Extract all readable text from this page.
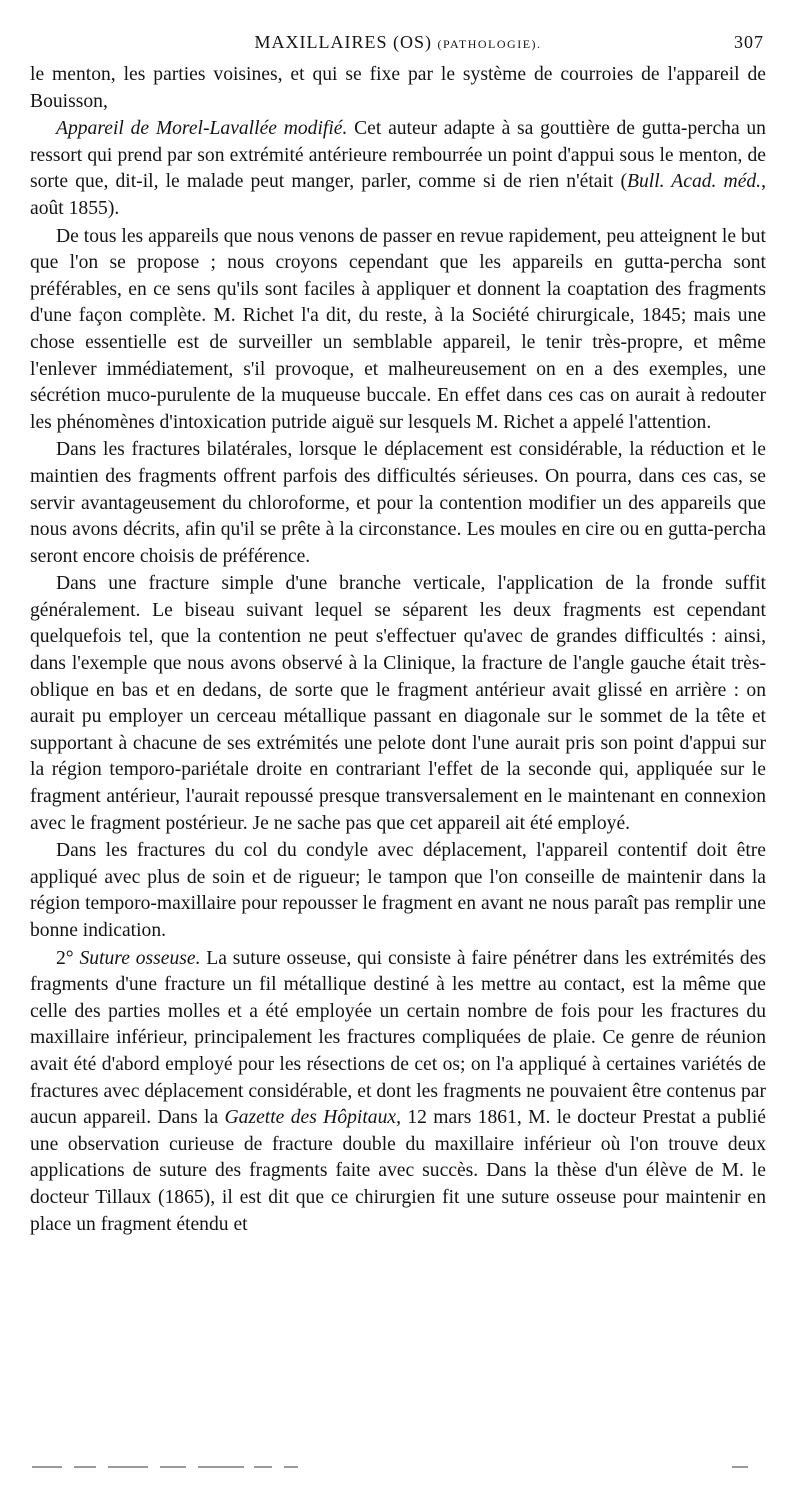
MAXILLAIRES (OS) (PATHOLOGIE).	307

le menton, les parties voisines, et qui se fixe par le système de courroies de l'appareil de Bouisson,

Appareil de Morel-Lavallée modifié. Cet auteur adapte à sa gouttière de gutta-percha un ressort qui prend par son extrémité antérieure rembourrée un point d'appui sous le menton, de sorte que, dit-il, le malade peut manger, parler, comme si de rien n'était (Bull. Acad. méd., août 1855).

De tous les appareils que nous venons de passer en revue rapidement, peu atteignent le but que l'on se propose ; nous croyons cependant que les appareils en gutta-percha sont préférables, en ce sens qu'ils sont faciles à appliquer et donnent la coaptation des fragments d'une façon complète. M. Richet l'a dit, du reste, à la Société chirurgicale, 1845; mais une chose essentielle est de surveiller un semblable appareil, le tenir très-propre, et même l'enlever immédiatement, s'il provoque, et malheureusement on en a des exemples, une sécrétion muco-purulente de la muqueuse buccale. En effet dans ces cas on aurait à redouter les phénomènes d'intoxication putride aiguë sur lesquels M. Richet a appelé l'attention.

Dans les fractures bilatérales, lorsque le déplacement est considérable, la réduction et le maintien des fragments offrent parfois des difficultés sérieuses. On pourra, dans ces cas, se servir avantageusement du chloroforme, et pour la contention modifier un des appareils que nous avons décrits, afin qu'il se prête à la circonstance. Les moules en cire ou en gutta-percha seront encore choisis de préférence.

Dans une fracture simple d'une branche verticale, l'application de la fronde suffit généralement. Le biseau suivant lequel se séparent les deux fragments est cependant quelquefois tel, que la contention ne peut s'effectuer qu'avec de grandes difficultés : ainsi, dans l'exemple que nous avons observé à la Clinique, la fracture de l'angle gauche était très-oblique en bas et en dedans, de sorte que le fragment antérieur avait glissé en arrière : on aurait pu employer un cerceau métallique passant en diagonale sur le sommet de la tête et supportant à chacune de ses extrémités une pelote dont l'une aurait pris son point d'appui sur la région temporo-pariétale droite en contrariant l'effet de la seconde qui, appliquée sur le fragment antérieur, l'aurait repoussé presque transversalement en le maintenant en connexion avec le fragment postérieur. Je ne sache pas que cet appareil ait été employé.

Dans les fractures du col du condyle avec déplacement, l'appareil contentif doit être appliqué avec plus de soin et de rigueur; le tampon que l'on conseille de maintenir dans la région temporo-maxillaire pour repousser le fragment en avant ne nous paraît pas remplir une bonne indication.

2° Suture osseuse. La suture osseuse, qui consiste à faire pénétrer dans les extrémités des fragments d'une fracture un fil métallique destiné à les mettre au contact, est la même que celle des parties molles et a été employée un certain nombre de fois pour les fractures du maxillaire inférieur, principalement les fractures compliquées de plaie. Ce genre de réunion avait été d'abord employé pour les résections de cet os; on l'a appliqué à certaines variétés de fractures avec déplacement considérable, et dont les fragments ne pouvaient être contenus par aucun appareil. Dans la Gazette des Hôpitaux, 12 mars 1861, M. le docteur Prestat a publié une observation curieuse de fracture double du maxillaire inférieur où l'on trouve deux applications de suture des fragments faite avec succès. Dans la thèse d'un élève de M. le docteur Tillaux (1865), il est dit que ce chirurgien fit une suture osseuse pour maintenir en place un fragment étendu et
